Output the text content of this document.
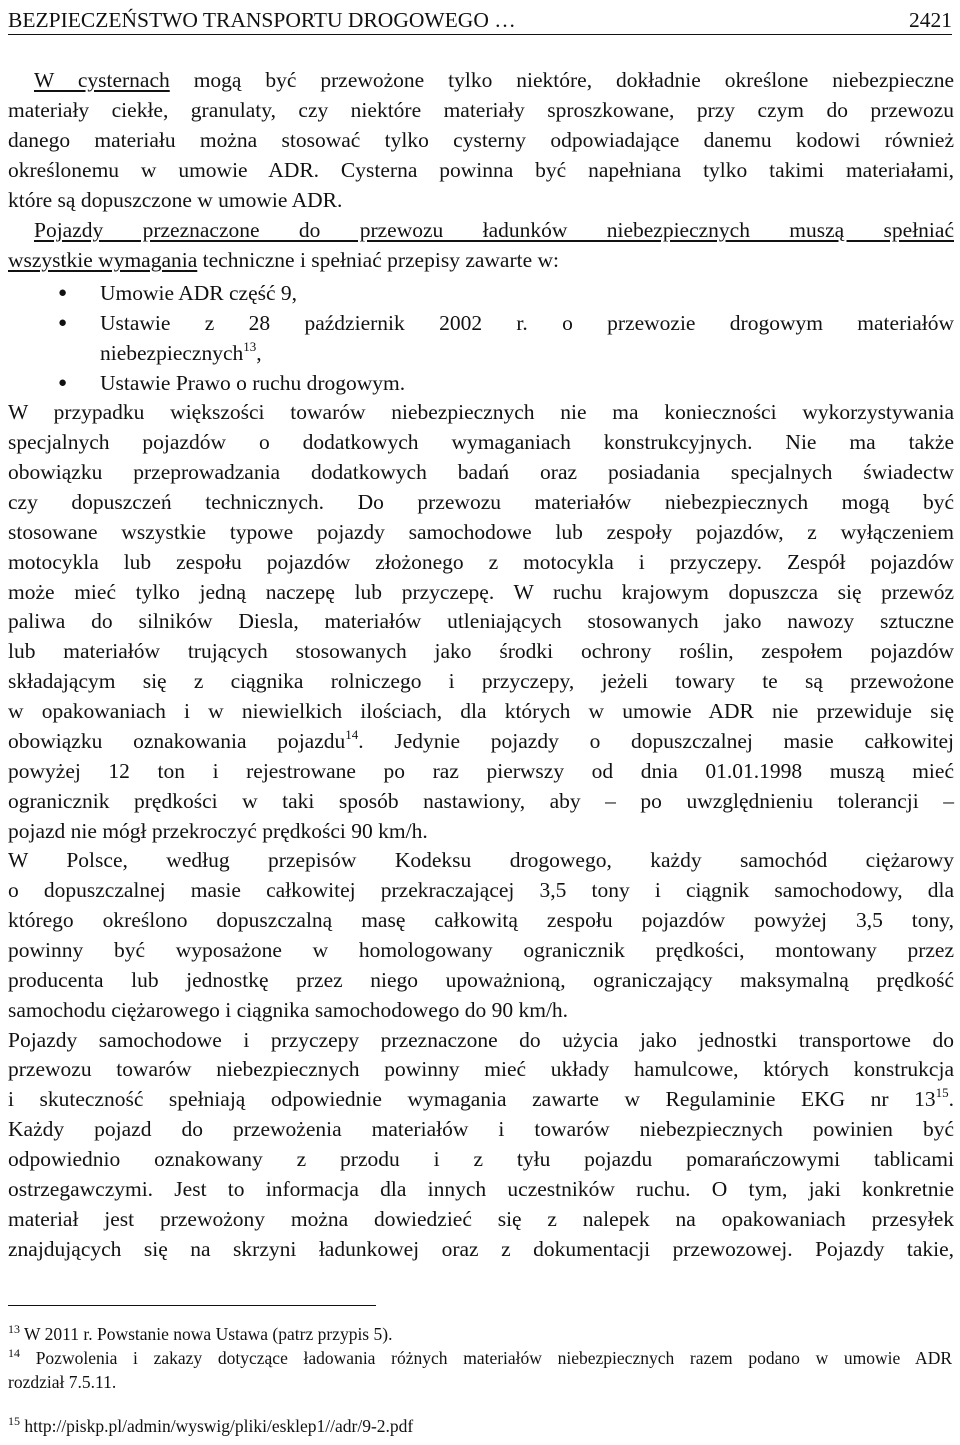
BEZPIECZEŃSTWO TRANSPORTU DROGOWEGO …	2421
W cysternach mogą być przewożone tylko niektóre, dokładnie określone niebezpieczne
materiały ciekłe, granulaty, czy niektóre materiały sproszkowane, przy czym do przewozu
danego materiału można stosować tylko cysterny odpowiadające danemu kodowi również
określonemu w umowie ADR. Cysterna powinna być napełniana tylko takimi materiałami,
które są dopuszczone w umowie ADR.
Pojazdy przeznaczone do przewozu ładunków niebezpiecznych muszą spełniać
wszystkie wymagania techniczne i spełniać przepisy zawarte w:
● Umowie ADR część 9,
● Ustawie z 28 październik 2002 r. o przewozie drogowym materiałów
niebezpiecznych$^{13}$,
● Ustawie Prawo o ruchu drogowym.
W przypadku większości towarów niebezpiecznych nie ma konieczności wykorzystywania
specjalnych pojazdów o dodatkowych wymaganiach konstrukcyjnych. Nie ma także
obowiązku przeprowadzania dodatkowych badań oraz posiadania specjalnych świadectw
czy dopuszczeń technicznych. Do przewozu materiałów niebezpiecznych mogą być
stosowane wszystkie typowe pojazdy samochodowe lub zespoły pojazdów, z wyłączeniem
motocykla lub zespołu pojazdów złożonego z motocykla i przyczepy. Zespół pojazdów
może mieć tylko jedną naczepę lub przyczepę. W ruchu krajowym dopuszcza się przewóz
paliwa do silników Diesla, materiałów utleniających stosowanych jako nawozy sztuczne
lub materiałów trujących stosowanych jako środki ochrony roślin, zespołem pojazdów
składającym się z ciągnika rolniczego i przyczepy, jeżeli towary te są przewożone
w opakowaniach i w niewielkich ilościach, dla których w umowie ADR nie przewiduje się
obowiązku oznakowania pojazdu$^{14}$. Jedynie pojazdy o dopuszczalnej masie całkowitej
powyżej 12 ton i rejestrowane po raz pierwszy od dnia 01.01.1998 muszą mieć
ogranicznik prędkości w taki sposób nastawiony, aby – po uwzględnieniu tolerancji –
pojazd nie mógł przekroczyć prędkości 90 km/h.
W Polsce, według przepisów Kodeksu drogowego, każdy samochód ciężarowy
o dopuszczalnej masie całkowitej przekraczającej 3,5 tony i ciągnik samochodowy, dla
którego określono dopuszczalną masę całkowitą zespołu pojazdów powyżej 3,5 tony,
powinny być wyposażone w homologowany ogranicznik prędkości, montowany przez
producenta lub jednostkę przez niego upoważnioną, ograniczający maksymalną prędkość
samochodu ciężarowego i ciągnika samochodowego do 90 km/h.
Pojazdy samochodowe i przyczepy przeznaczone do użycia jako jednostki transportowe do
przewozu towarów niebezpiecznych powinny mieć układy hamulcowe, których konstrukcja
i skuteczność spełniają odpowiednie wymagania zawarte w Regulaminie EKG nr $13^{15}$.
Każdy pojazd do przewożenia materiałów i towarów niebezpiecznych powinien być
odpowiednio oznakowany z przodu i z tyłu pojazdu pomarańczowymi tablicami
ostrzegawczymi. Jest to informacja dla innych uczestników ruchu. O tym, jaki konkretnie
materiał jest przewożony można dowiedzieć się z nalepek na opakowaniach przesyłek
znajdujących się na skrzyni ładunkowej oraz z dokumentacji przewozowej. Pojazdy takie,
$^{13}$ W 2011 r. Powstanie nowa Ustawa (patrz przypis 5).
$^{14}$ Pozwolenia i zakazy dotyczące ładowania różnych materiałów niebezpiecznych razem podano w umowie ADR
rozdział 7.5.11.
$^{15}$ http://piskp.pl/admin/wyswig/pliki/esklep1//adr/9-2.pdf
